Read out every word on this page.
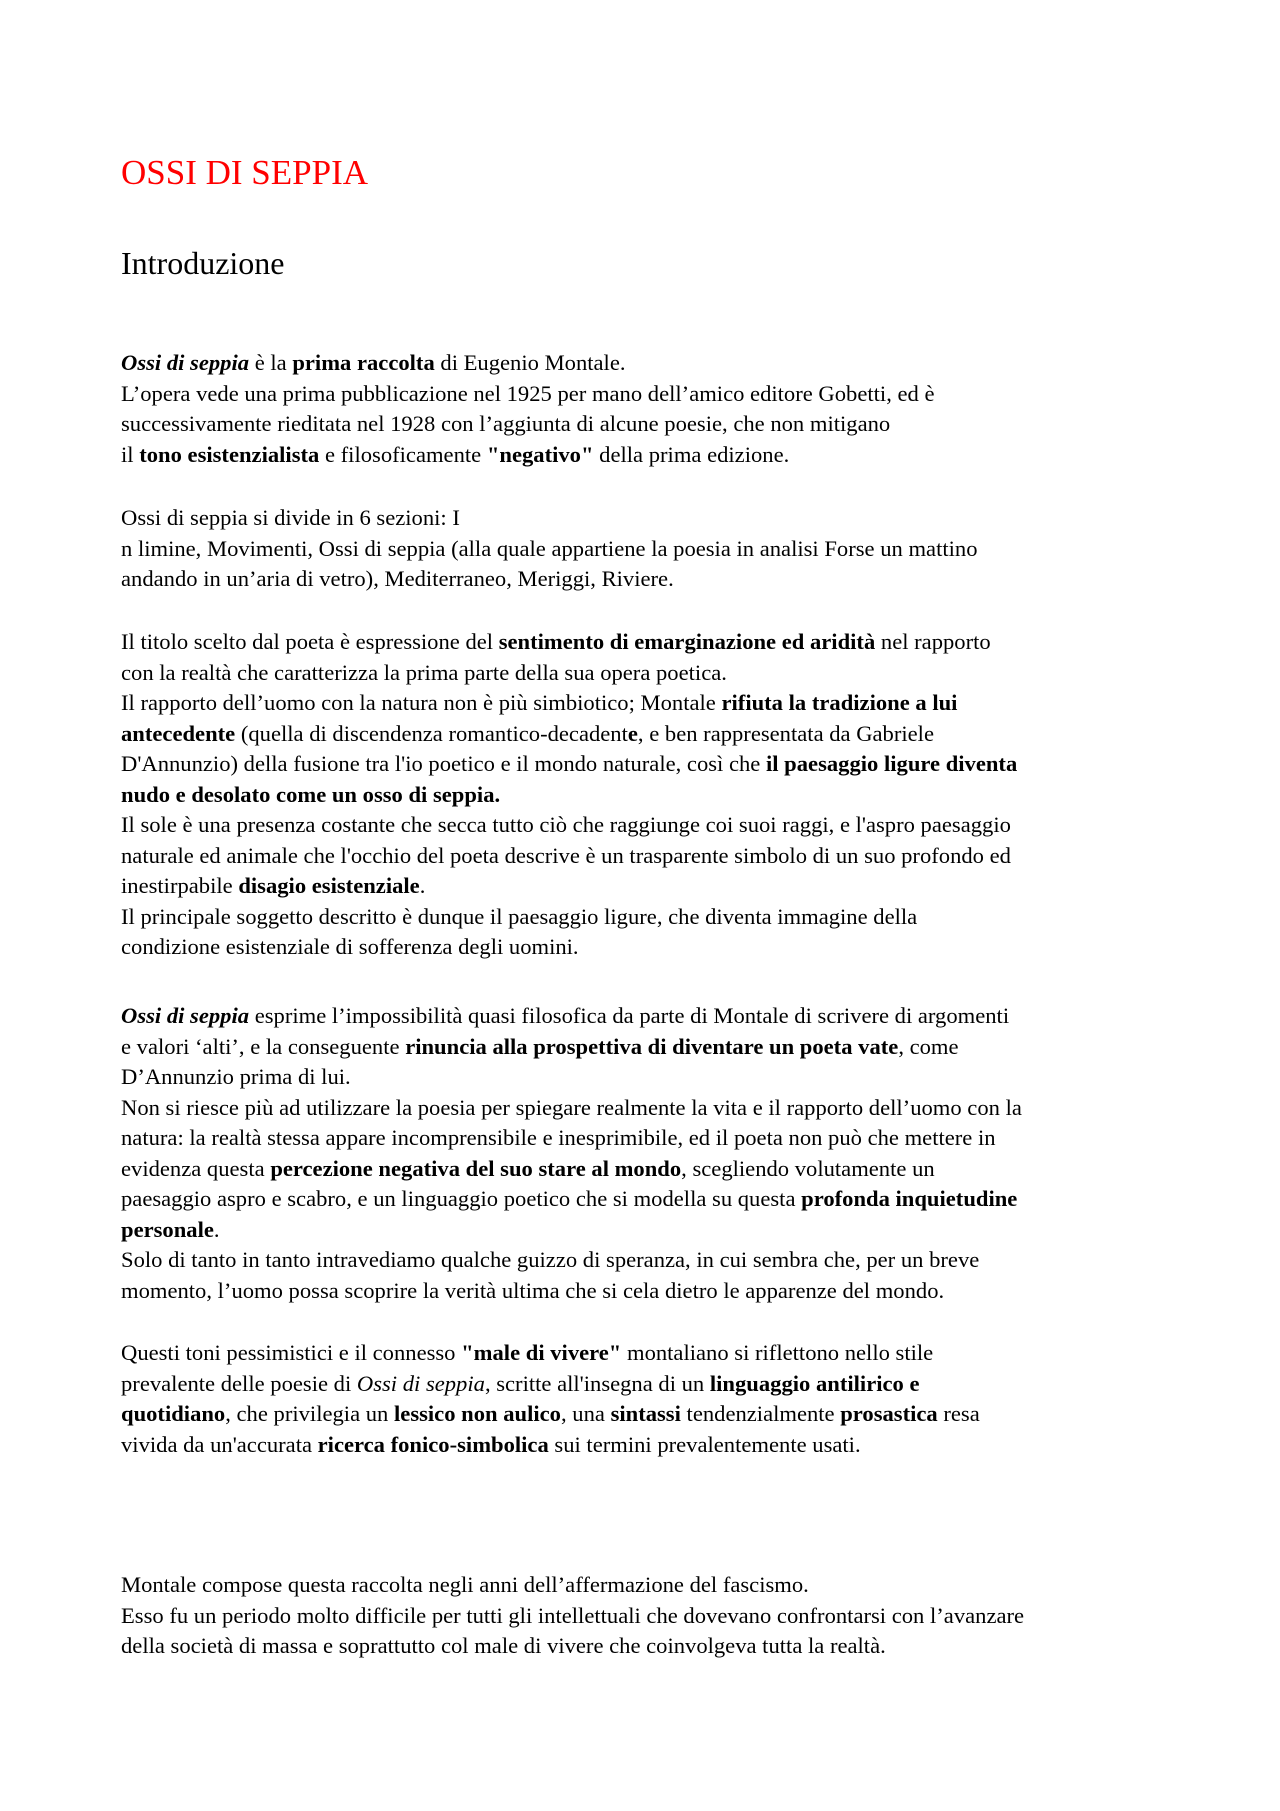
OSSI DI SEPPIA
Introduzione
Ossi di seppia è la prima raccolta di Eugenio Montale.
L’opera vede una prima pubblicazione nel 1925 per mano dell’amico editore Gobetti, ed è
successivamente rieditata nel 1928 con l’aggiunta di alcune poesie, che non mitigano
il tono esistenzialista e filosoficamente "negativo" della prima edizione.
Ossi di seppia si divide in 6 sezioni: I
n limine, Movimenti, Ossi di seppia (alla quale appartiene la poesia in analisi Forse un mattino
andando in un’aria di vetro), Mediterraneo, Meriggi, Riviere.
Il titolo scelto dal poeta è espressione del sentimento di emarginazione ed aridità nel rapporto
con la realtà che caratterizza la prima parte della sua opera poetica.
Il rapporto dell’uomo con la natura non è più simbiotico; Montale rifiuta la tradizione a lui
antecedente (quella di discendenza romantico-decadente, e ben rappresentata da Gabriele
D'Annunzio) della fusione tra l'io poetico e il mondo naturale, così che il paesaggio ligure diventa
nudo e desolato come un osso di seppia.
Il sole è una presenza costante che secca tutto ciò che raggiunge coi suoi raggi, e l'aspro paesaggio
naturale ed animale che l'occhio del poeta descrive è un trasparente simbolo di un suo profondo ed
inestirpabile disagio esistenziale.
Il principale soggetto descritto è dunque il paesaggio ligure, che diventa immagine della
condizione esistenziale di sofferenza degli uomini.
Ossi di seppia esprime l’impossibilità quasi filosofica da parte di Montale di scrivere di argomenti
e valori ‘alti’, e la conseguente rinuncia alla prospettiva di diventare un poeta vate, come
D’Annunzio prima di lui.
Non si riesce più ad utilizzare la poesia per spiegare realmente la vita e il rapporto dell’uomo con la
natura: la realtà stessa appare incomprensibile e inesprimibile, ed il poeta non può che mettere in
evidenza questa percezione negativa del suo stare al mondo, scegliendo volutamente un
paesaggio aspro e scabro, e un linguaggio poetico che si modella su questa profonda inquietudine
personale.
Solo di tanto in tanto intravediamo qualche guizzo di speranza, in cui sembra che, per un breve
momento, l’uomo possa scoprire la verità ultima che si cela dietro le apparenze del mondo.
Questi toni pessimistici e il connesso "male di vivere" montaliano si riflettono nello stile
prevalente delle poesie di Ossi di seppia, scritte all'insegna di un linguaggio antilirico e
quotidiano, che privilegia un lessico non aulico, una sintassi tendenzialmente prosastica resa
vivida da un'accurata ricerca fonico-simbolica sui termini prevalentemente usati.
Montale compose questa raccolta negli anni dell’affermazione del fascismo.
Esso fu un periodo molto difficile per tutti gli intellettuali che dovevano confrontarsi con l’avanzare
della società di massa e soprattutto col male di vivere che coinvolgeva tutta la realtà.
